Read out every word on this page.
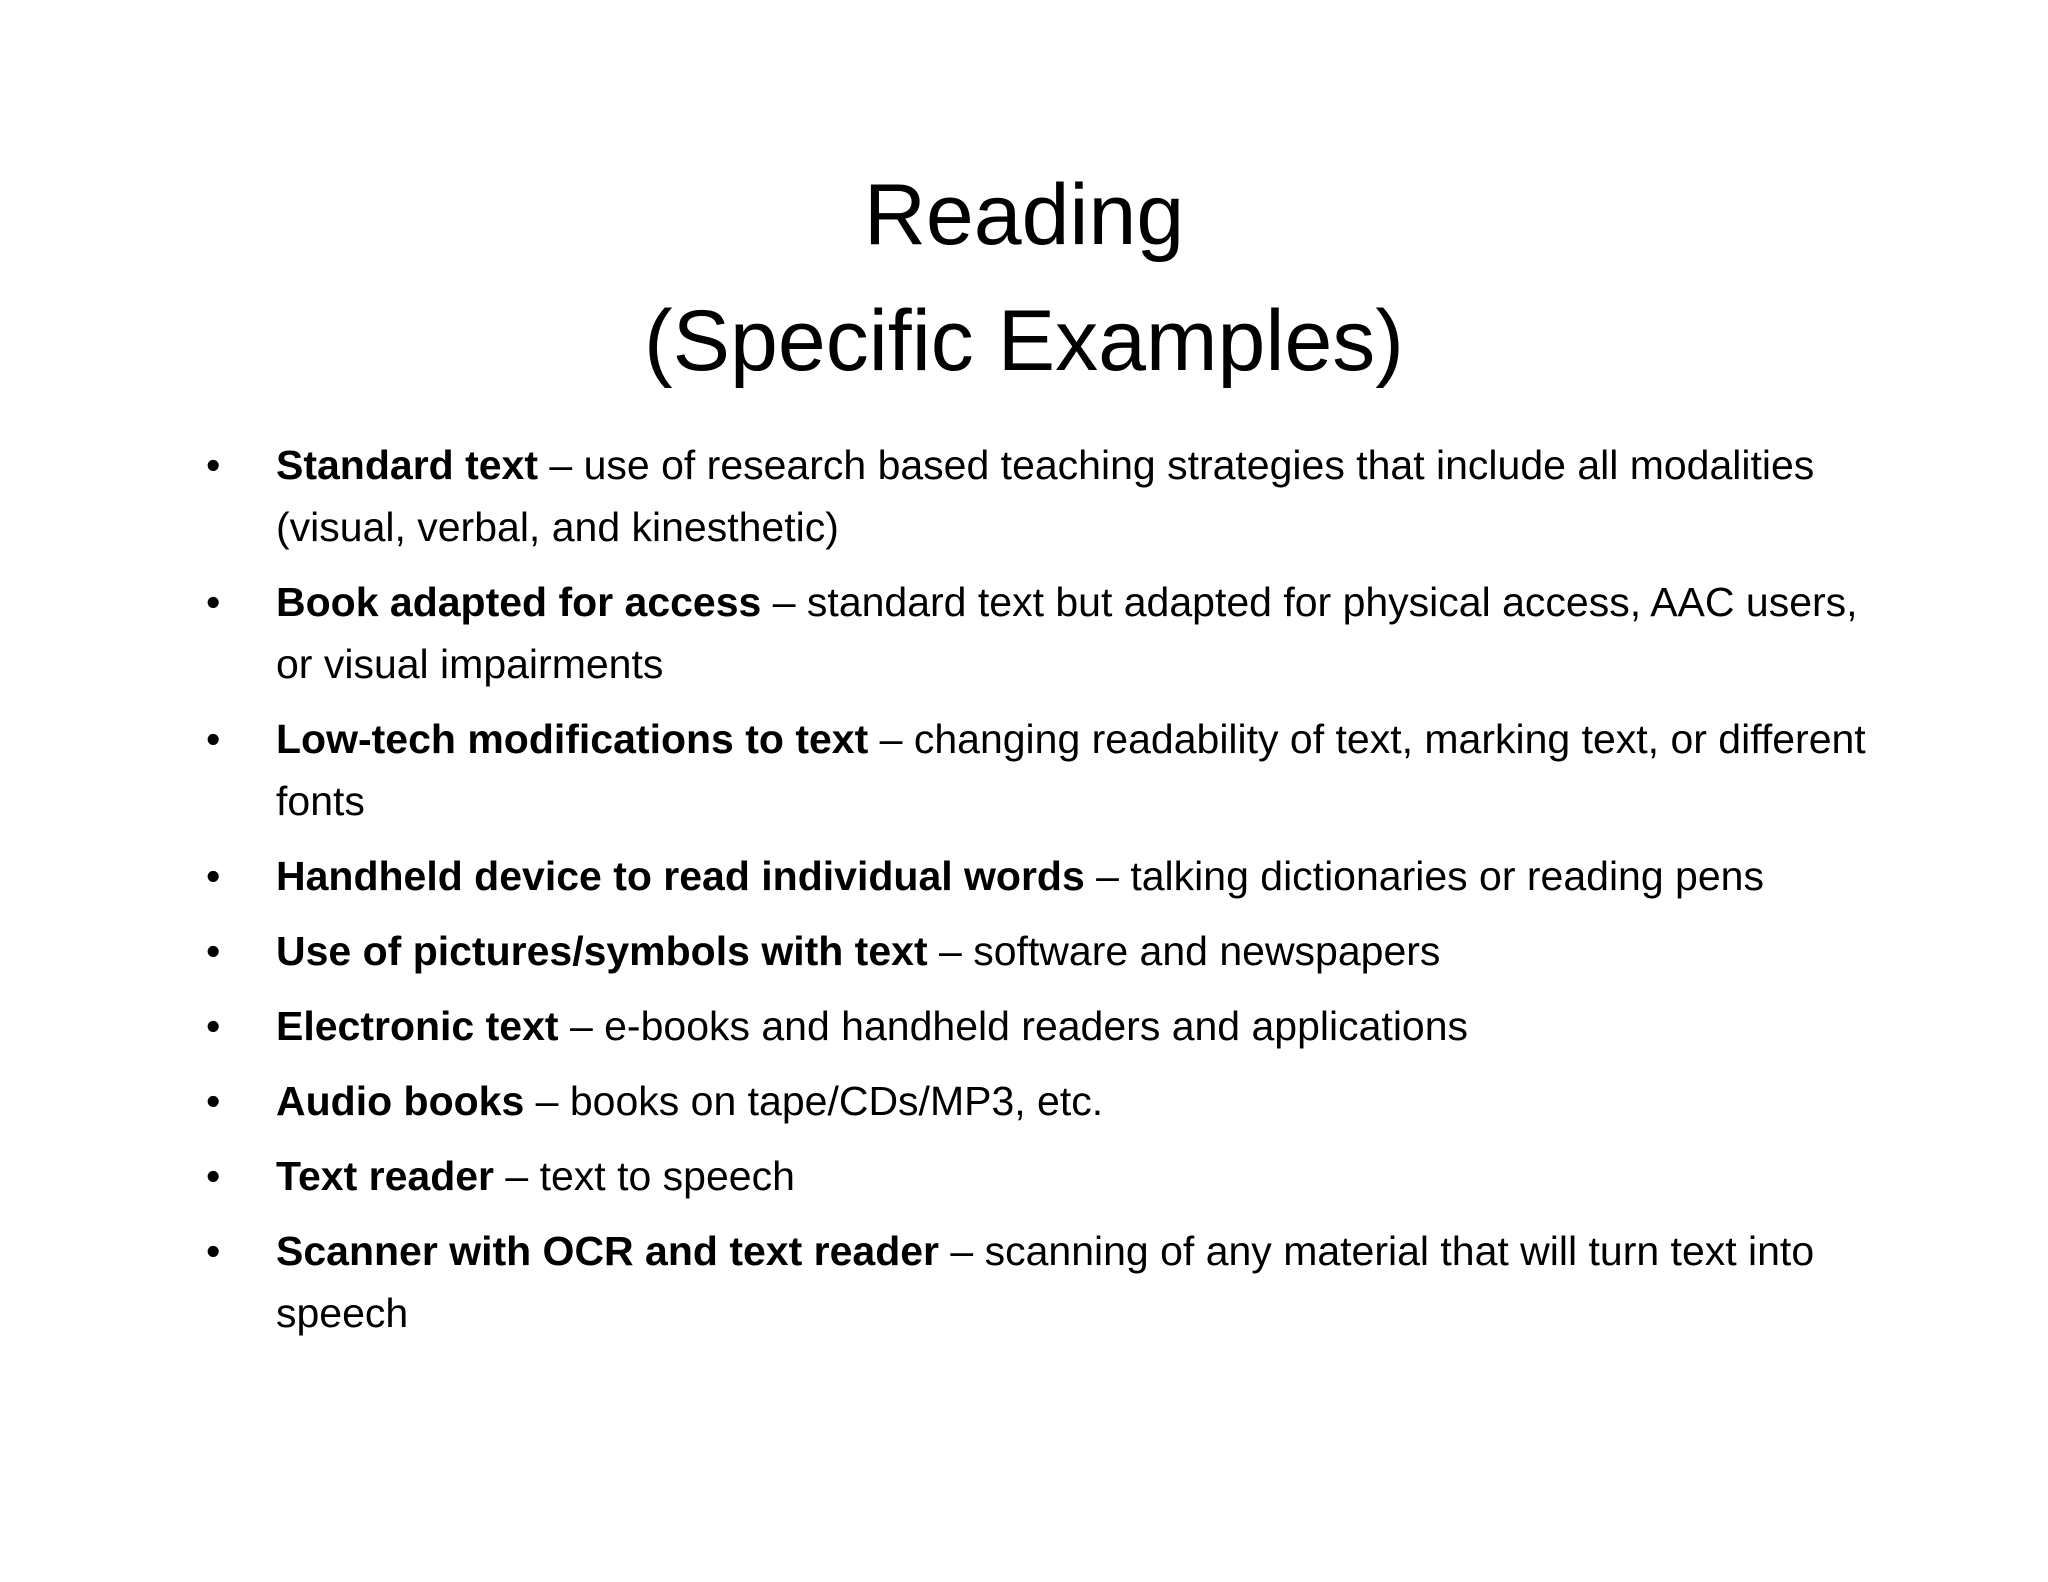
Reading
(Specific Examples)
•	Standard text – use of research based teaching strategies that include all modalities (visual, verbal, and kinesthetic)
•	Book adapted for access – standard text but adapted for physical access, AAC users, or visual impairments
•	Low-tech modifications to text – changing readability of text, marking text, or different fonts
•	Handheld device to read individual words – talking dictionaries or reading pens
•	Use of pictures/symbols with text – software and newspapers
•	Electronic text – e-books and handheld readers and applications
•	Audio books – books on tape/CDs/MP3, etc.
•	Text reader – text to speech
•	Scanner with OCR and text reader – scanning of any material that will turn text into speech
